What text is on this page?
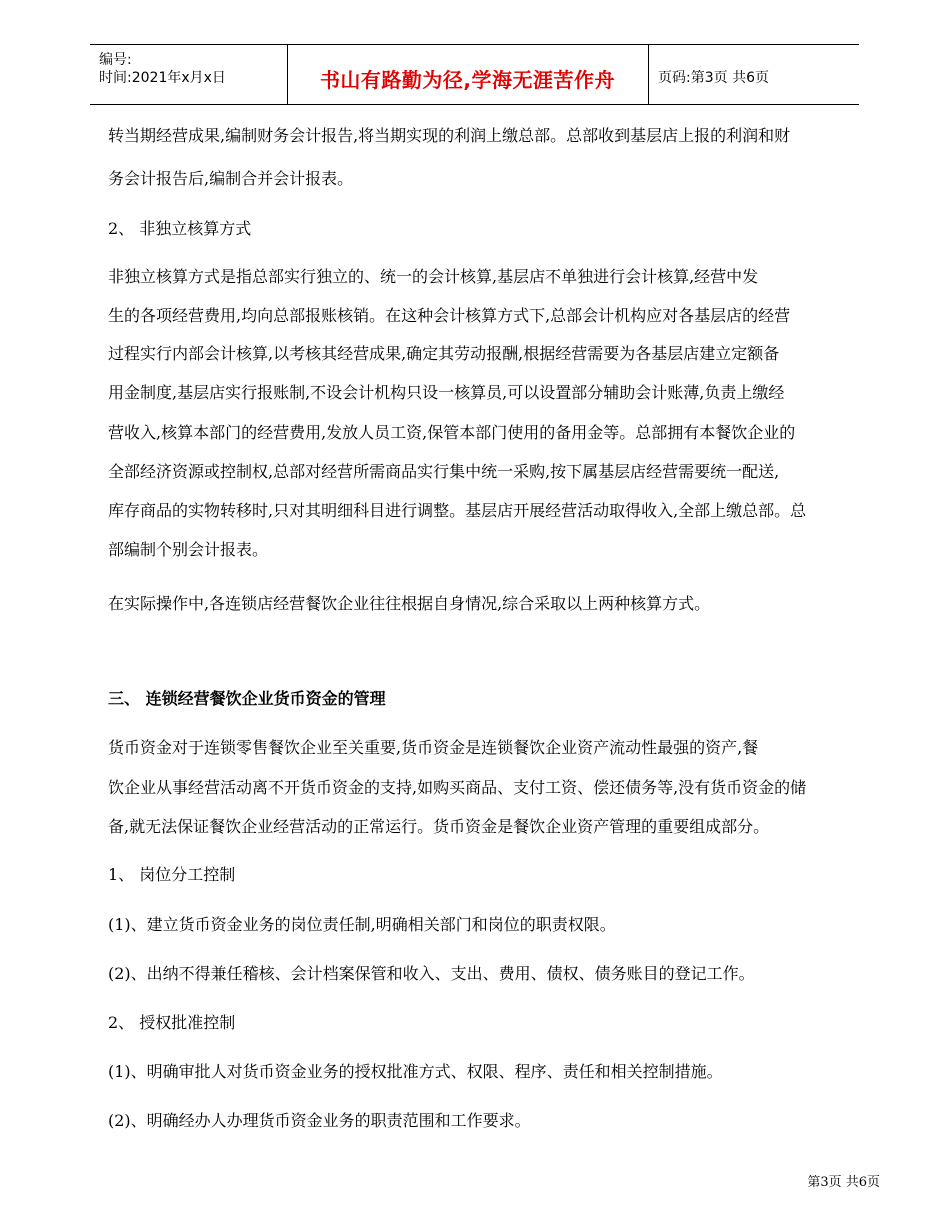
编号:
时间:2021年x月x日	书山有路勤为径,学海无涯苦作舟	页码:第3页 共6页
转当期经营成果,编制财务会计报告,将当期实现的利润上缴总部。总部收到基层店上报的利润和财
务会计报告后,编制合并会计报表。
2、 非独立核算方式
非独立核算方式是指总部实行独立的、统一的会计核算,基层店不单独进行会计核算,经营中发
生的各项经营费用,均向总部报账核销。在这种会计核算方式下,总部会计机构应对各基层店的经营
过程实行内部会计核算,以考核其经营成果,确定其劳动报酬,根据经营需要为各基层店建立定额备
用金制度,基层店实行报账制,不设会计机构只设一核算员,可以设置部分辅助会计账薄,负责上缴经
营收入,核算本部门的经营费用,发放人员工资,保管本部门使用的备用金等。总部拥有本餐饮企业的
全部经济资源或控制权,总部对经营所需商品实行集中统一采购,按下属基层店经营需要统一配送,
库存商品的实物转移时,只对其明细科目进行调整。基层店开展经营活动取得收入,全部上缴总部。总
部编制个别会计报表。
在实际操作中,各连锁店经营餐饮企业往往根据自身情况,综合采取以上两种核算方式。
三、 连锁经营餐饮企业货币资金的管理
货币资金对于连锁零售餐饮企业至关重要,货币资金是连锁餐饮企业资产流动性最强的资产,餐
饮企业从事经营活动离不开货币资金的支持,如购买商品、支付工资、偿还债务等,没有货币资金的储
备,就无法保证餐饮企业经营活动的正常运行。货币资金是餐饮企业资产管理的重要组成部分。
1、 岗位分工控制
(1)、建立货币资金业务的岗位责任制,明确相关部门和岗位的职责权限。
(2)、出纳不得兼任稽核、会计档案保管和收入、支出、费用、债权、债务账目的登记工作。
2、 授权批准控制
(1)、明确审批人对货币资金业务的授权批准方式、权限、程序、责任和相关控制措施。
(2)、明确经办人办理货币资金业务的职责范围和工作要求。
第3页 共6页
